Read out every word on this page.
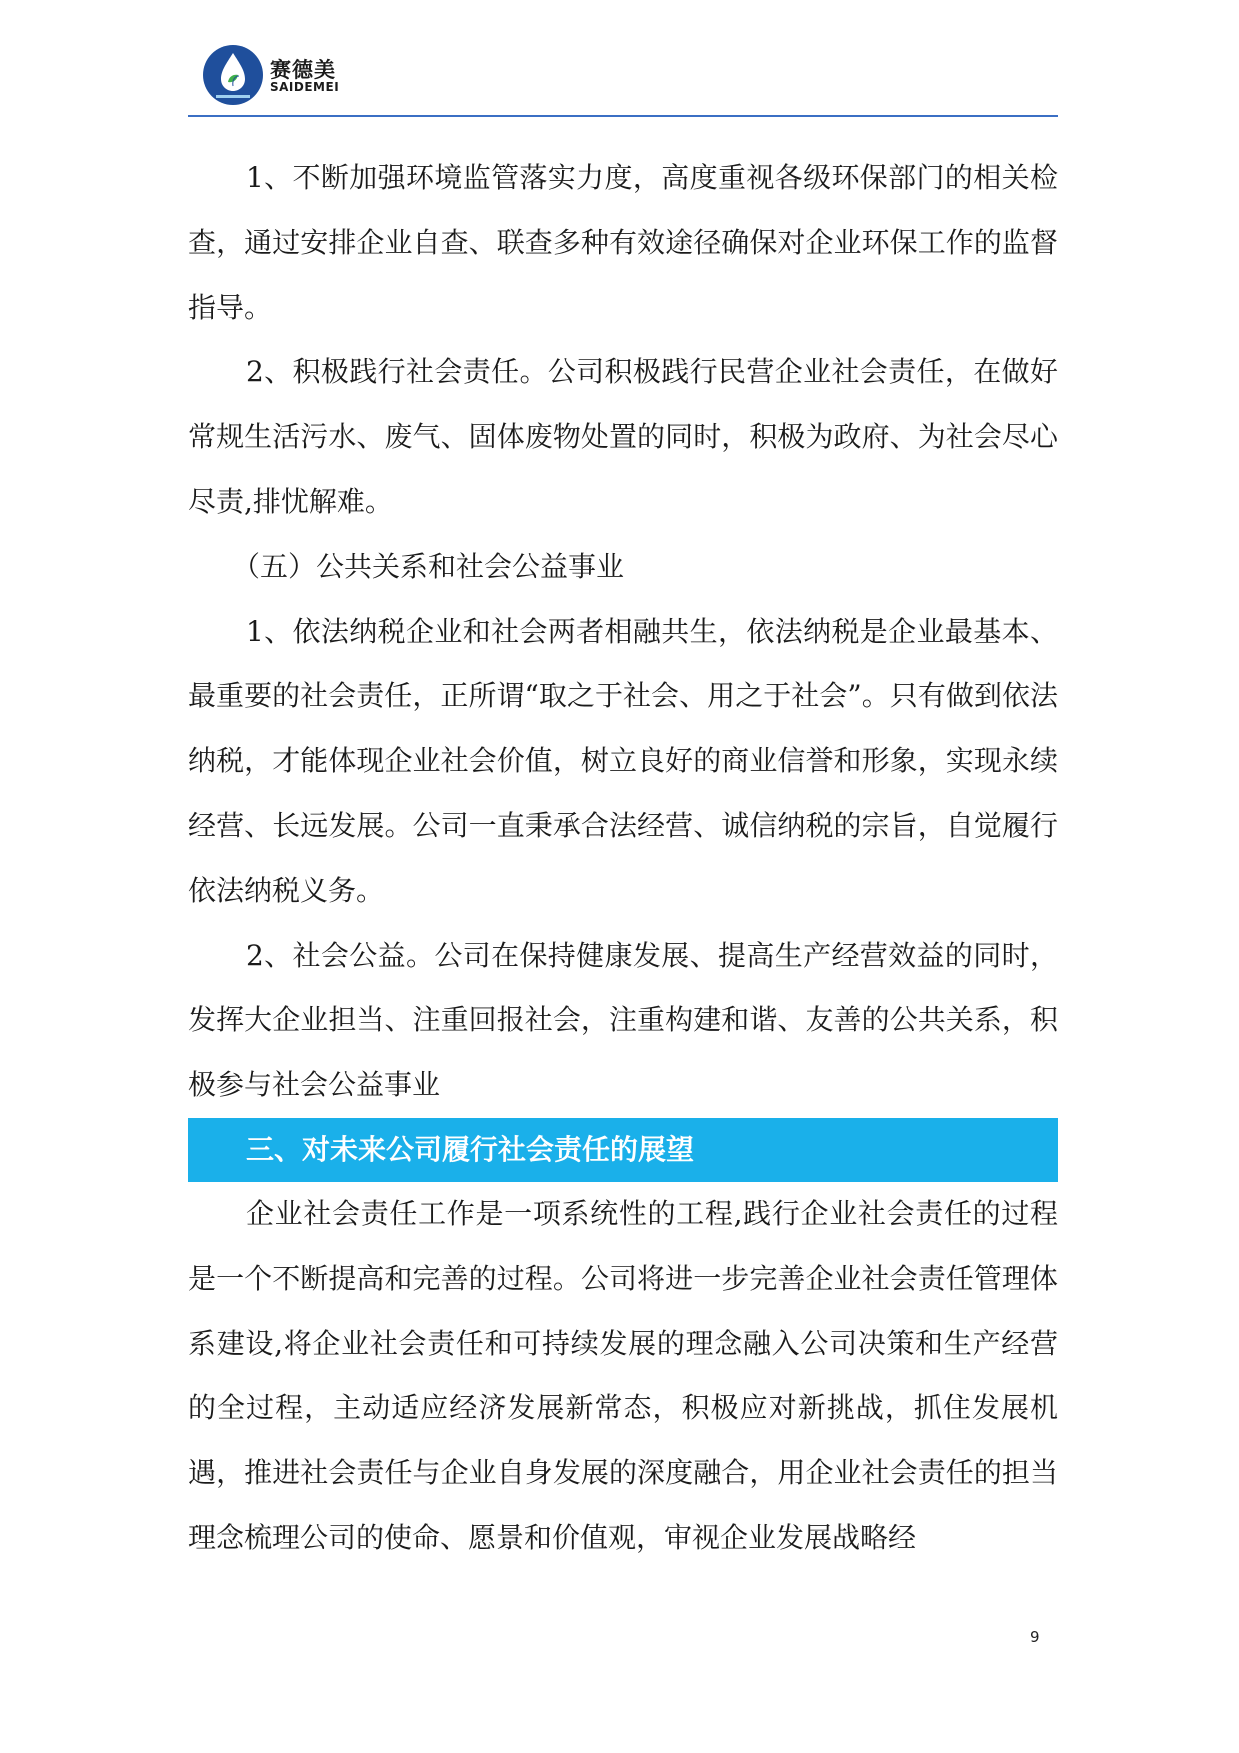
赛德美
SAIDEMEI

1、不断加强环境监管落实力度，高度重视各级环保部门的相关检查，通过安排企业自查、联查多种有效途径确保对企业环保工作的监督指导。

2、积极践行社会责任。公司积极践行民营企业社会责任，在做好常规生活污水、废气、固体废物处置的同时，积极为政府、为社会尽心尽责,排忧解难。

（五）公共关系和社会公益事业

1、依法纳税企业和社会两者相融共生，依法纳税是企业最基本、最重要的社会责任，正所谓“取之于社会、用之于社会”。只有做到依法纳税，才能体现企业社会价值，树立良好的商业信誉和形象，实现永续经营、长远发展。公司一直秉承合法经营、诚信纳税的宗旨，自觉履行依法纳税义务。

2、社会公益。公司在保持健康发展、提高生产经营效益的同时，发挥大企业担当、注重回报社会，注重构建和谐、友善的公共关系，积极参与社会公益事业

三、对未来公司履行社会责任的展望

企业社会责任工作是一项系统性的工程,践行企业社会责任的过程是一个不断提高和完善的过程。公司将进一步完善企业社会责任管理体系建设,将企业社会责任和可持续发展的理念融入公司决策和生产经营的全过程，主动适应经济发展新常态，积极应对新挑战，抓住发展机遇，推进社会责任与企业自身发展的深度融合，用企业社会责任的担当理念梳理公司的使命、愿景和价值观，审视企业发展战略经

9
